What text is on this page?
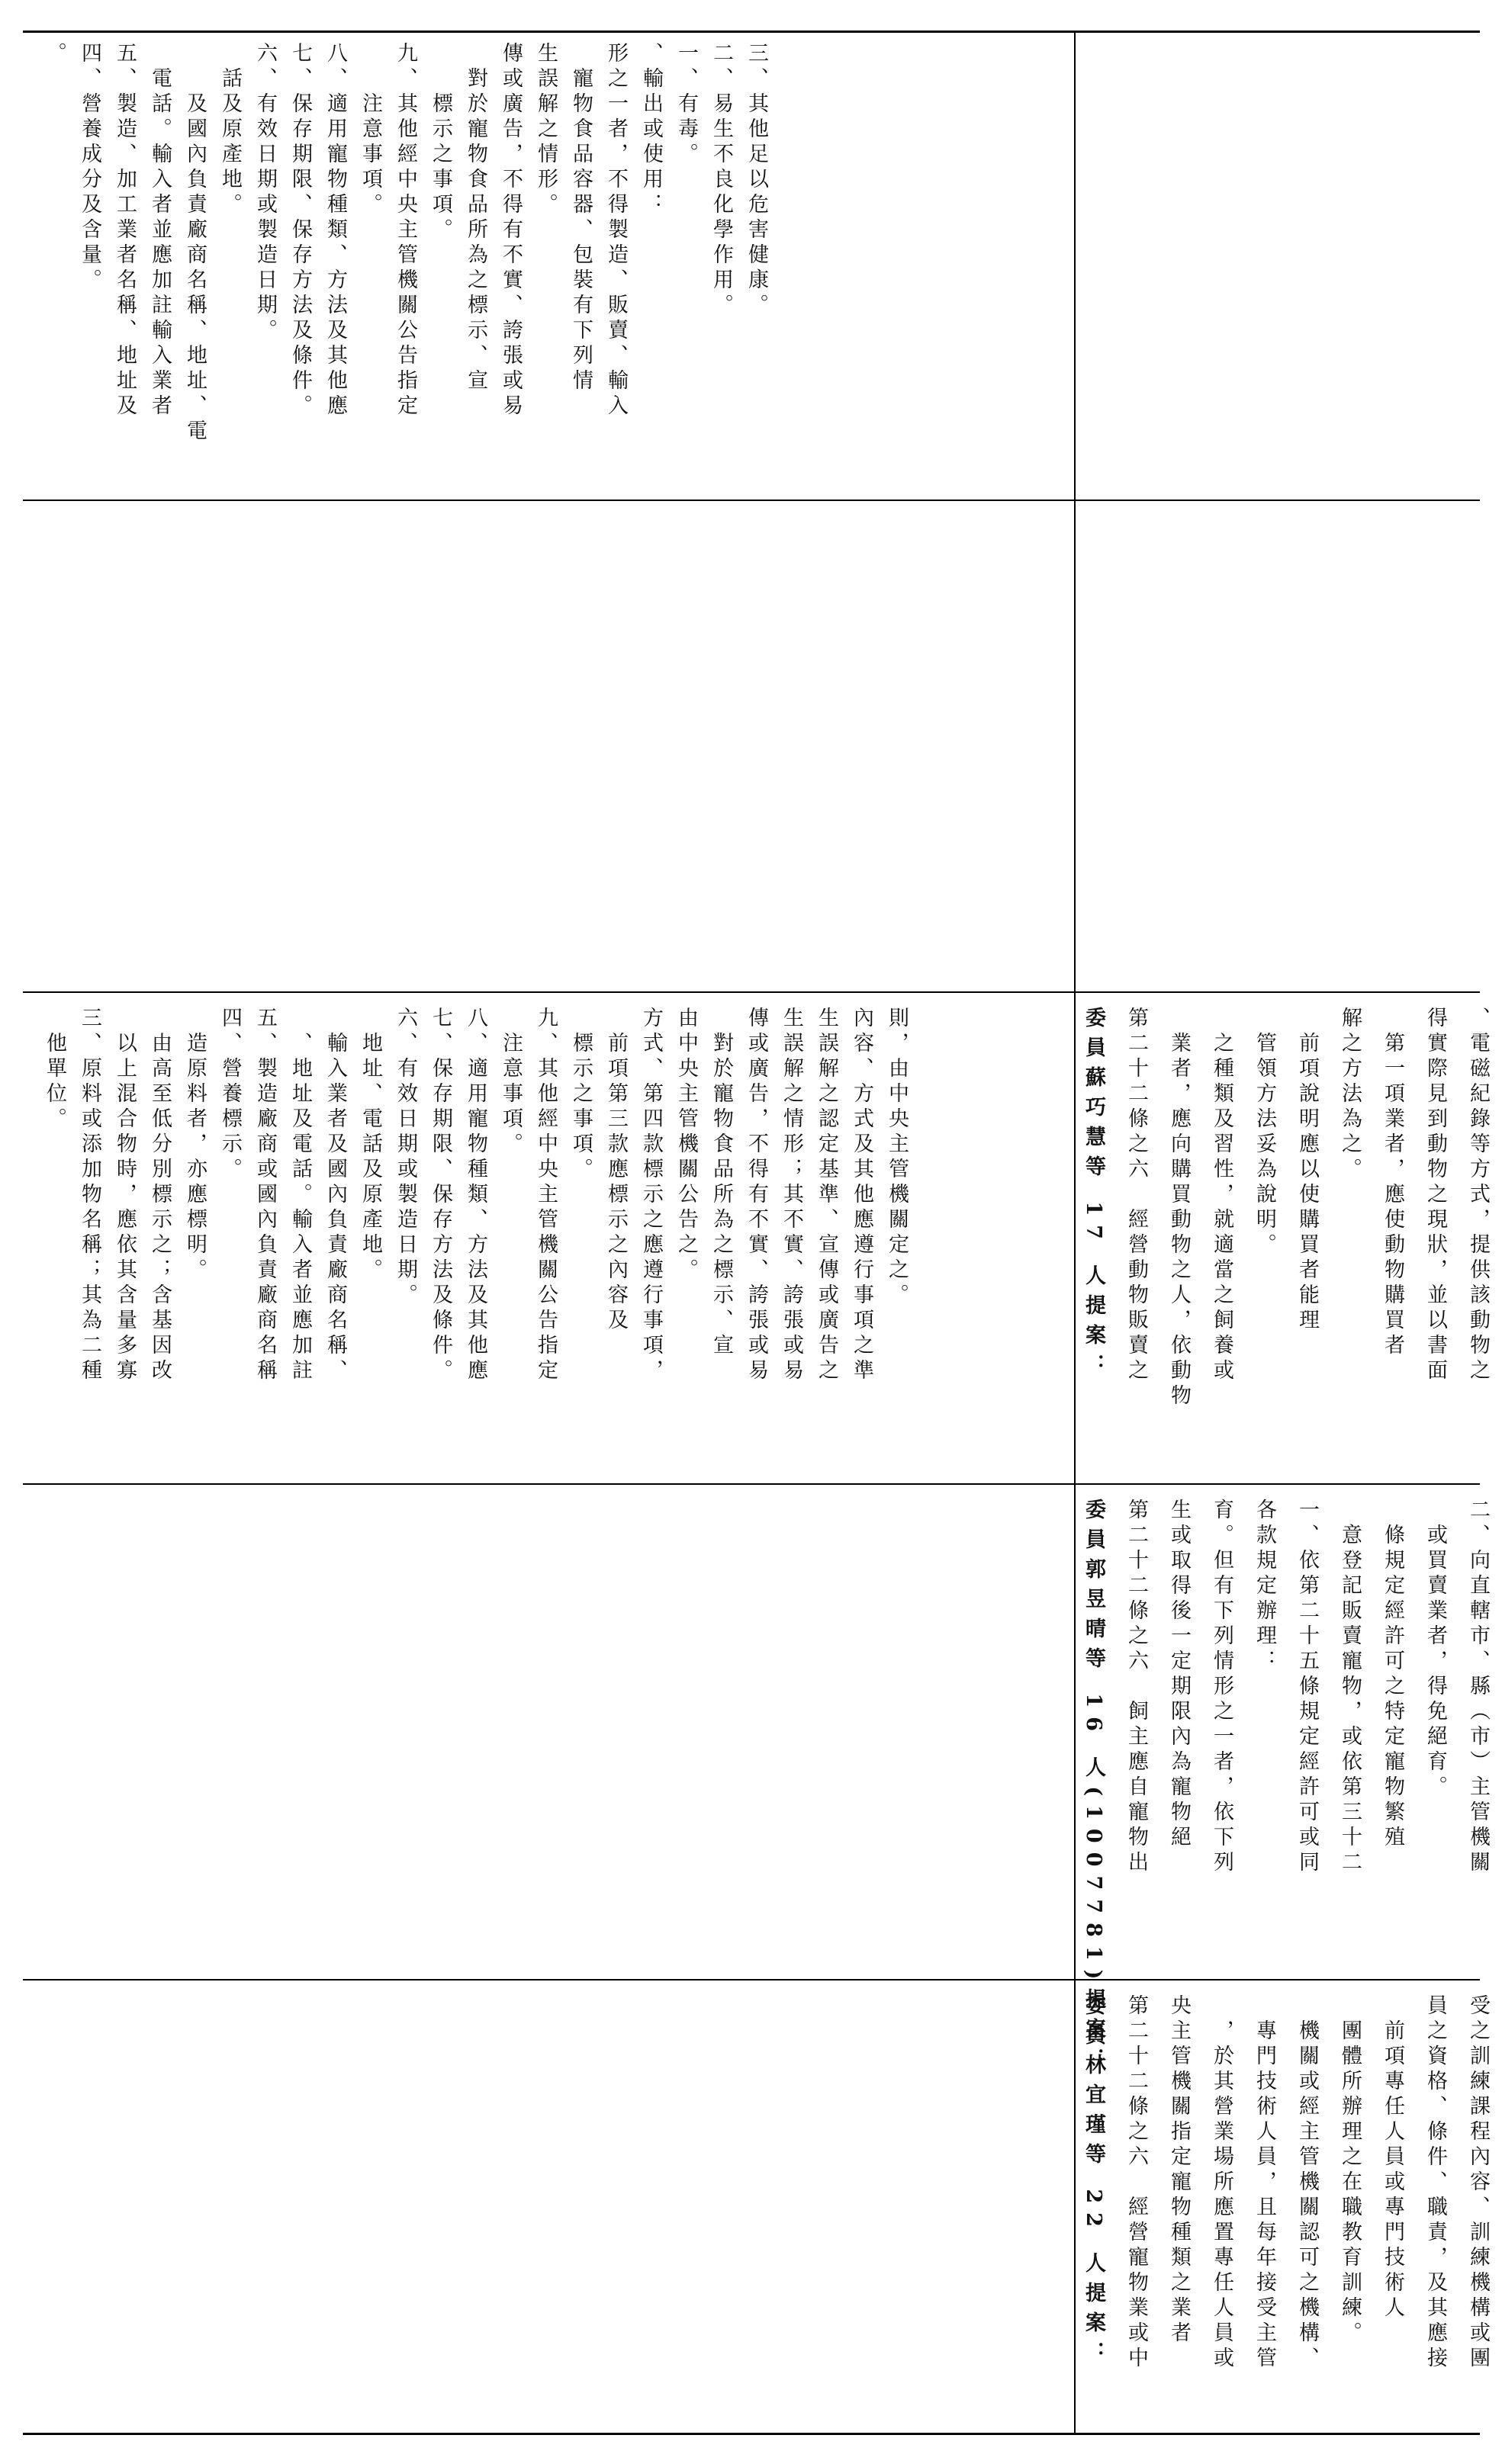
。 四、營養成分及含量。 五、製造、加工業者名稱、地址及 　電話。輸入者並應加註輸入業者 　　及國內負責廠商名稱、地址、電 　話及原產地。 六、有效日期或製造日期。 七、保存期限、保存方法及條件。 八、適用寵物種類、方法及其他應 　　注意事項。 九、其他經中央主管機關公告指定 　　標示之事項。 　對於寵物食品所為之標示、宣 傳或廣告，不得有不實、誇張或易 生誤解之情形。 　寵物食品容器、包裝有下列情 形之一者，不得製造、販賣、輸入 、輸出或使用： 一、有毒。 二、易生不良化學作用。 三、其他足以危害健康。
　他單位。 三、原料或添加物名稱；其為二種 　以上混合物時，應依其含量多寡 　由高至低分別標示之；含基因改 　造原料者，亦應標明。 四、營養標示。 五、製造廠商或國內負責廠商名稱 　、地址及電話。輸入者並應加註 　輸入業者及國內負責廠商名稱、 　地址、電話及原產地。 六、有效日期或製造日期。 七、保存期限、保存方法及條件。 八、適用寵物種類、方法及其他應 　注意事項。 九、其他經中央主管機關公告指定 　標示之事項。 　前項第三款應標示之內容及 方式、第四款標示之應遵行事項， 由中央主管機關公告之。 　對於寵物食品所為之標示、宣 傳或廣告，不得有不實、誇張或易 生誤解之情形；其不實、誇張或易 生誤解之認定基準、宣傳或廣告之 內容、方式及其他應遵行事項之準 則，由中央主管機關定之。
委員林宜瑾等 22 人提案： 第二十二條之六　經營寵物業或中 央主管機關指定寵物種類之業者 　，於其營業場所應置專任人員或 　專門技術人員，且每年接受主管 　機關或經主管機關認可之機構、 　團體所辦理之在職教育訓練。 　前項專任人員或專門技術人 員之資格、條件、職責，及其應接 受之訓練課程內容、訓練機構或團
委員郭昱晴等 16 人(1007781)提案： 第二十二條之六　飼主應自寵物出 生或取得後一定期限內為寵物絕 育。但有下列情形之一者，依下列 各款規定辦理： 一、依第二十五條規定經許可或同 　意登記販賣寵物，或依第三十二 　條規定經許可之特定寵物繁殖 　或買賣業者，得免絕育。 二、向直轄市、縣（市）主管機關
委員蘇巧慧等 17 人提案： 第二十二條之六　經營動物販賣之 　業者，應向購買動物之人，依動物 　之種類及習性，就適當之飼養或 　管領方法妥為說明。 　前項說明應以使購買者能理 解之方法為之。 　第一項業者，應使動物購買者 得實際見到動物之現狀，並以書面 、電磁紀錄等方式，提供該動物之
